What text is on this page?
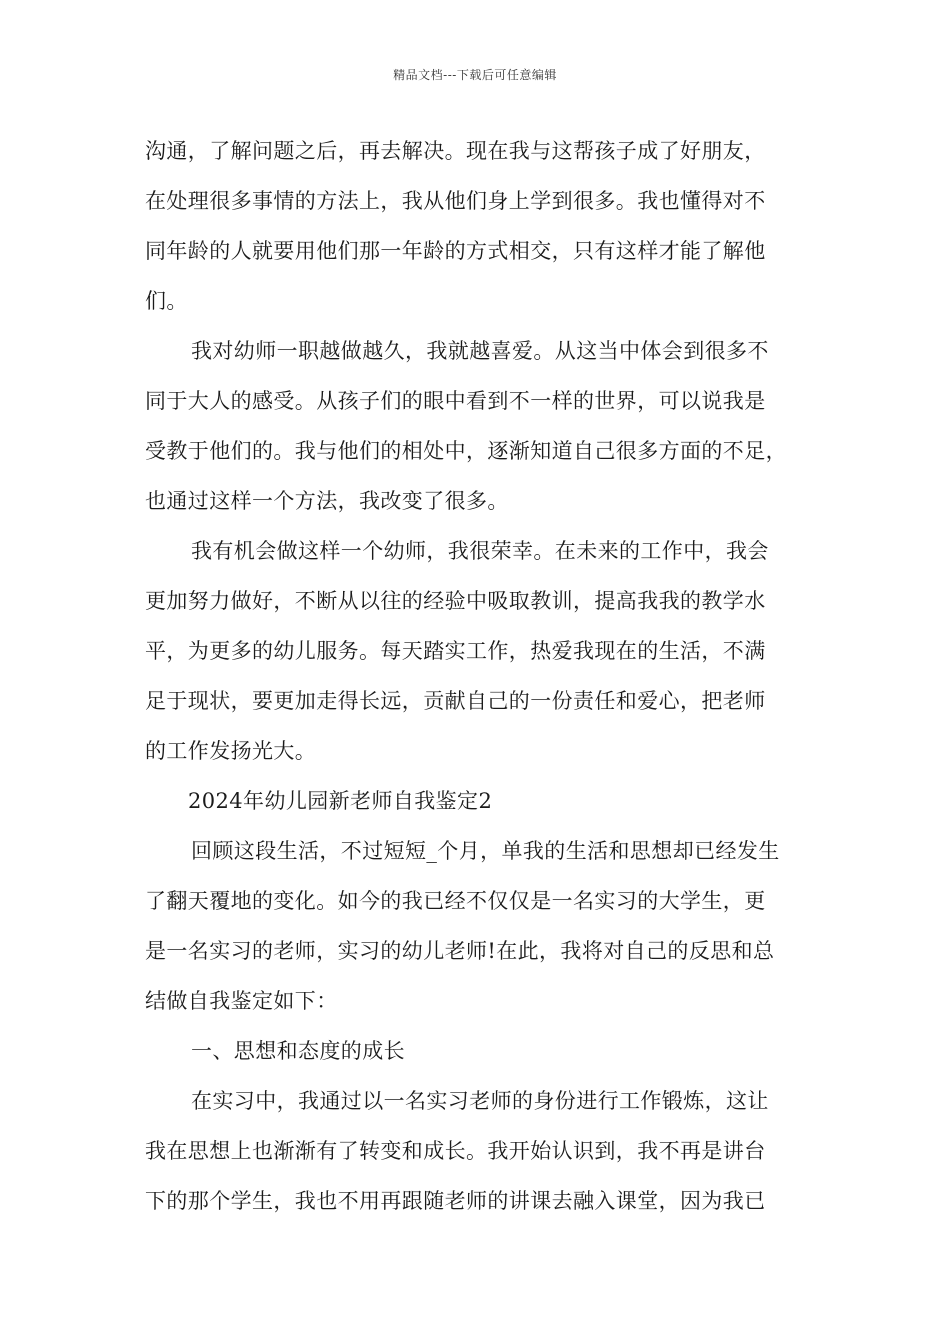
精品文档---下载后可任意编辑
沟通，了解问题之后，再去解决。现在我与这帮孩子成了好朋友，
在处理很多事情的方法上，我从他们身上学到很多。我也懂得对不
同年龄的人就要用他们那一年龄的方式相交，只有这样才能了解他
们。
我对幼师一职越做越久，我就越喜爱。从这当中体会到很多不
同于大人的感受。从孩子们的眼中看到不一样的世界，可以说我是
受教于他们的。我与他们的相处中，逐渐知道自己很多方面的不足，
也通过这样一个方法，我改变了很多。
我有机会做这样一个幼师，我很荣幸。在未来的工作中，我会
更加努力做好，不断从以往的经验中吸取教训，提高我我的教学水
平，为更多的幼儿服务。每天踏实工作，热爱我现在的生活，不满
足于现状，要更加走得长远，贡献自己的一份责任和爱心，把老师
的工作发扬光大。
2024年幼儿园新老师自我鉴定2
回顾这段生活，不过短短_个月，单我的生活和思想却已经发生
了翻天覆地的变化。如今的我已经不仅仅是一名实习的大学生，更
是一名实习的老师，实习的幼儿老师!在此，我将对自己的反思和总
结做自我鉴定如下：
一、思想和态度的成长
在实习中，我通过以一名实习老师的身份进行工作锻炼，这让
我在思想上也渐渐有了转变和成长。我开始认识到，我不再是讲台
下的那个学生，我也不用再跟随老师的讲课去融入课堂，因为我已
